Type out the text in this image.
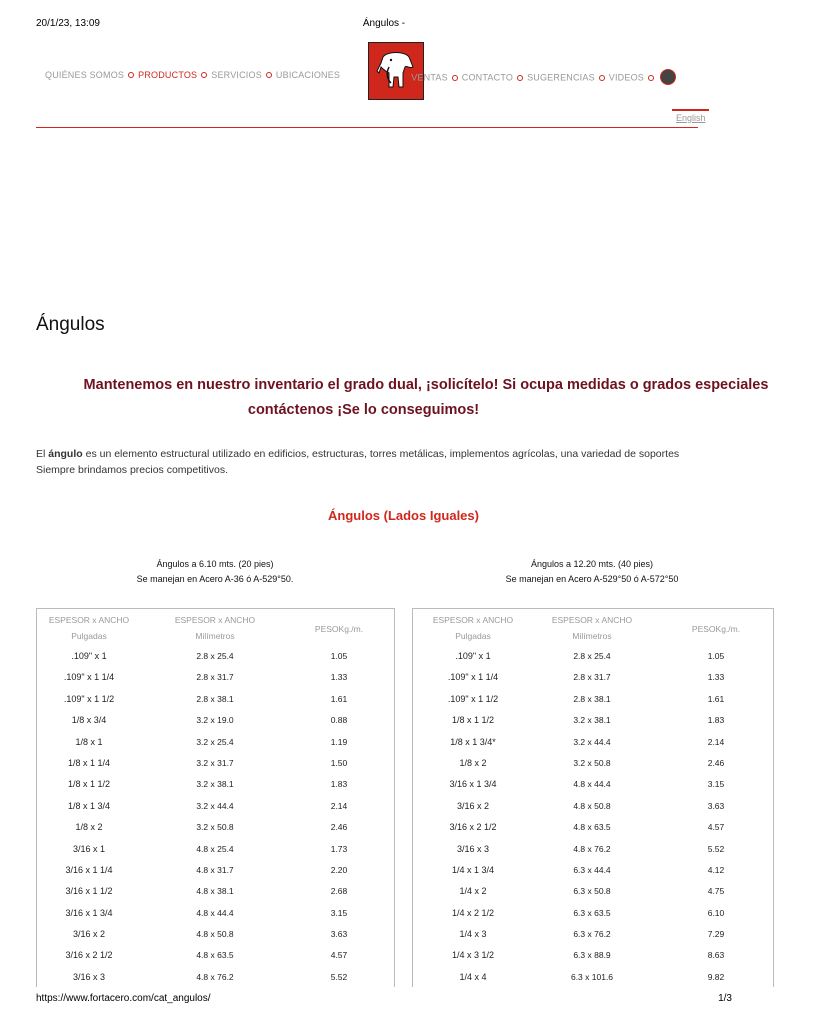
20/1/23, 13:09	Ángulos -
QUIÉNES SOMOS PRODUCTOS SERVICIOS UBICACIONES	VENTAS CONTACTO SUGERENCIAS VIDEOS
English
Ángulos
Mantenemos en nuestro inventario el grado dual, ¡solicítelo! Si ocupa medidas o grados especiales
contáctenos ¡Se lo conseguimos!
El ángulo es un elemento estructural utilizado en edificios, estructuras, torres metálicas, implementos agrícolas, una variedad de soportes
Siempre brindamos precios competitivos.
Ángulos (Lados Iguales)
Ángulos a 6.10 mts. (20 pies)
Se manejan en Acero A-36 ó A-529°50.
Ángulos a 12.20 mts. (40 pies)
Se manejan en Acero A-529°50 ó A-572°50
ESPESOR x ANCHO
Pulgadas
ESPESOR x ANCHO
Milímetros
PESOKg./m.
.109" x 1	2.8 x 25.4	1.05
.109" x 1 1/4	2.8 x 31.7	1.33
.109" x 1 1/2	2.8 x 38.1	1.61
1/8 x 3/4	3.2 x 19.0	0.88
1/8 x 1	3.2 x 25.4	1.19
1/8 x 1 1/4	3.2 x 31.7	1.50
1/8 x 1 1/2	3.2 x 38.1	1.83
1/8 x 1 3/4	3.2 x 44.4	2.14
1/8 x 2	3.2 x 50.8	2.46
3/16 x 1	4.8 x 25.4	1.73
3/16 x 1 1/4	4.8 x 31.7	2.20
3/16 x 1 1/2	4.8 x 38.1	2.68
3/16 x 1 3/4	4.8 x 44.4	3.15
3/16 x 2	4.8 x 50.8	3.63
3/16 x 2 1/2	4.8 x 63.5	4.57
3/16 x 3	4.8 x 76.2	5.52
ESPESOR x ANCHO
Pulgadas
ESPESOR x ANCHO
Milímetros
PESOKg./m.
.109" x 1	2.8 x 25.4	1.05
.109" x 1 1/4	2.8 x 31.7	1.33
.109" x 1 1/2	2.8 x 38.1	1.61
1/8 x 1 1/2	3.2 x 38.1	1.83
1/8 x 1 3/4*	3.2 x 44.4	2.14
1/8 x 2	3.2 x 50.8	2.46
3/16 x 1 3/4	4.8 x 44.4	3.15
3/16 x 2	4.8 x 50.8	3.63
3/16 x 2 1/2	4.8 x 63.5	4.57
3/16 x 3	4.8 x 76.2	5.52
1/4 x 1 3/4	6.3 x 44.4	4.12
1/4 x 2	6.3 x 50.8	4.75
1/4 x 2 1/2	6.3 x 63.5	6.10
1/4 x 3	6.3 x 76.2	7.29
1/4 x 3 1/2	6.3 x 88.9	8.63
1/4 x 4	6.3 x 101.6	9.82
https://www.fortacero.com/cat_angulos/	1/3
